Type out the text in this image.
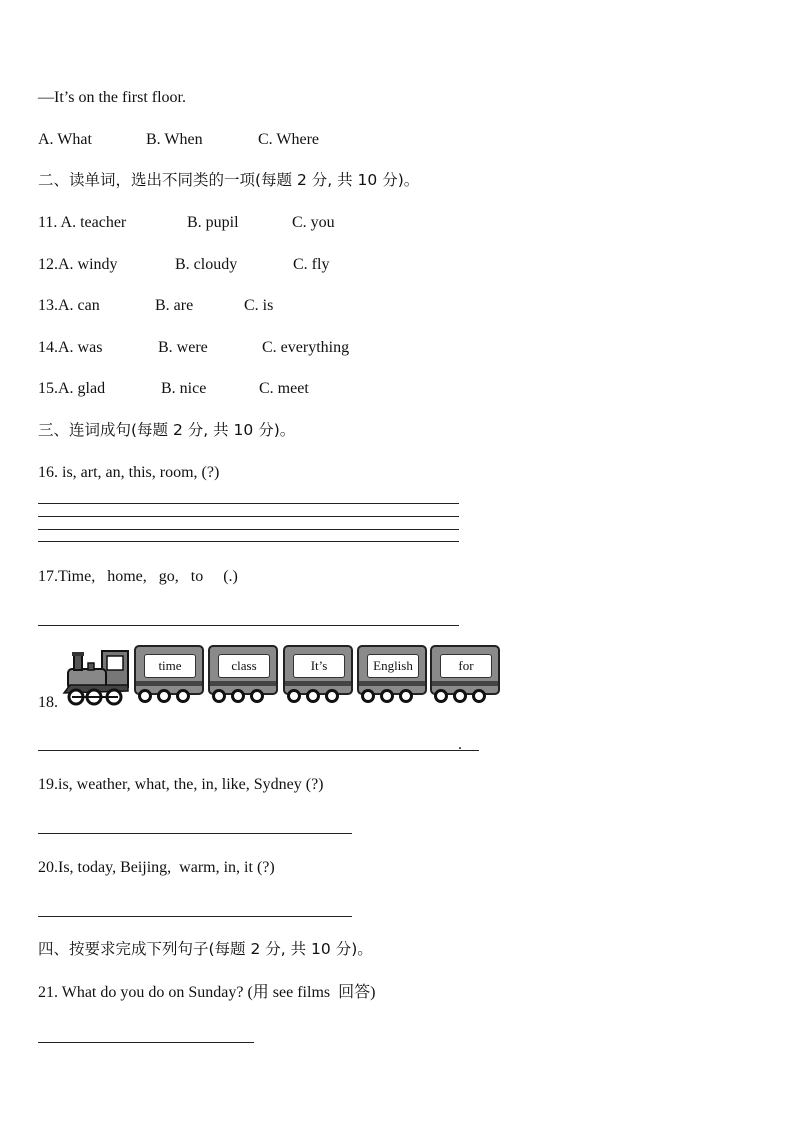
—It’s on the first floor.
A. What	B. When	C. Where
二、读单词，选出不同类的一项(每题 2 分, 共 10 分)。
11. A. teacher	B. pupil	C. you
12.A. windy	B. cloudy	C. fly
13.A. can	B. are	C. is
14.A. was	B. were	C. everything
15.A. glad	B. nice	C. meet
三、连词成句(每题 2 分, 共 10 分)。
16. is, art, an, this, room, (?)
17.Time,   home,   go,   to     (.)
18.
time	class	It’s	English	for
.
19.is, weather, what, the, in, like, Sydney (?)
20.Is, today, Beijing,  warm, in, it (?)
四、按要求完成下列句子(每题 2 分, 共 10 分)。
21. What do you do on Sunday? (用 see films  回答)
